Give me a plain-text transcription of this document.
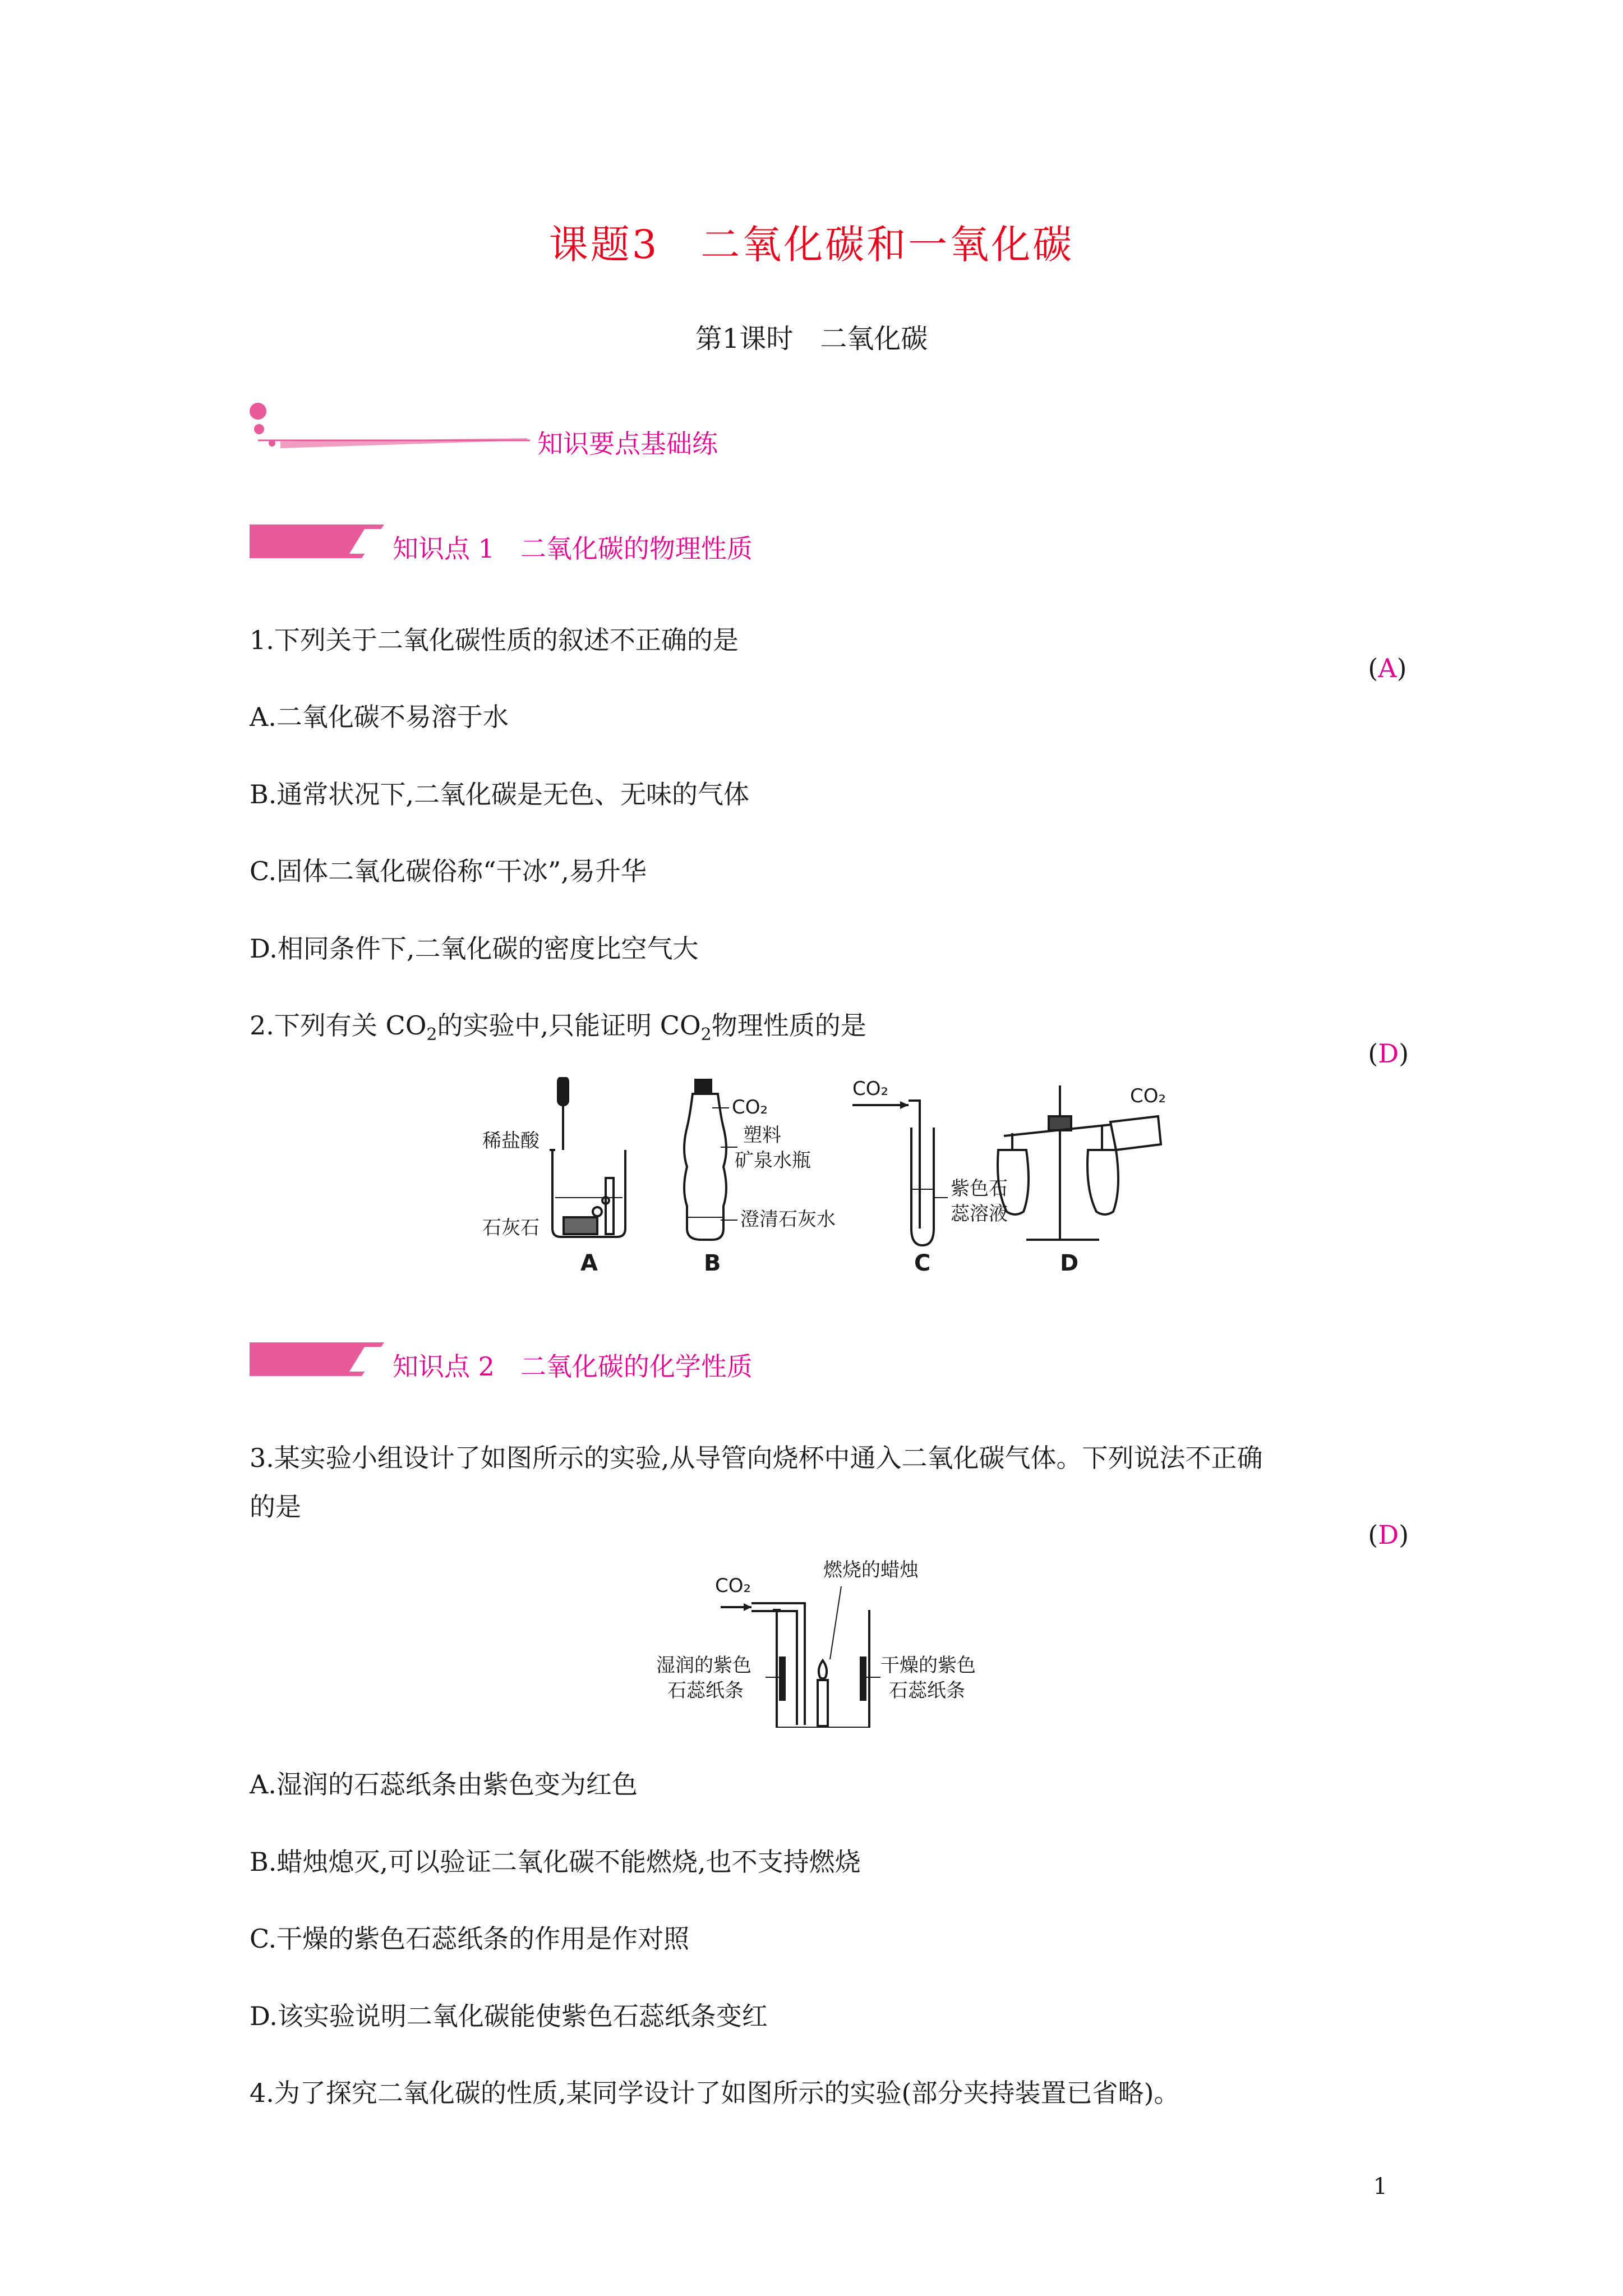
课题3　二氧化碳和一氧化碳
第1课时　二氧化碳
知识要点基础练
知识点 1　二氧化碳的物理性质
1.下列关于二氧化碳性质的叙述不正确的是

(A)

A.二氧化碳不易溶于水
B.通常状况下,二氧化碳是无色、无味的气体
C.固体二氧化碳俗称“干冰”,易升华
D.相同条件下,二氧化碳的密度比空气大
2.下列有关 $CO_2$的实验中,只能证明 $CO_2$物理性质的是

(D)

稀盐酸
石灰石
A
CO₂
塑料
矿泉水瓶
澄清石灰水
B
CO₂
紫色石
蕊溶液
C
CO₂
D
知识点 2　二氧化碳的化学性质
3.某实验小组设计了如图所示的实验,从导管向烧杯中通入二氧化碳气体。下列说法不正确
的是

(D)

CO₂
燃烧的蜡烛
湿润的紫色
石蕊纸条
干燥的紫色
石蕊纸条
A.湿润的石蕊纸条由紫色变为红色
B.蜡烛熄灭,可以验证二氧化碳不能燃烧,也不支持燃烧
C.干燥的紫色石蕊纸条的作用是作对照
D.该实验说明二氧化碳能使紫色石蕊纸条变红
4.为了探究二氧化碳的性质,某同学设计了如图所示的实验(部分夹持装置已省略)。
1
